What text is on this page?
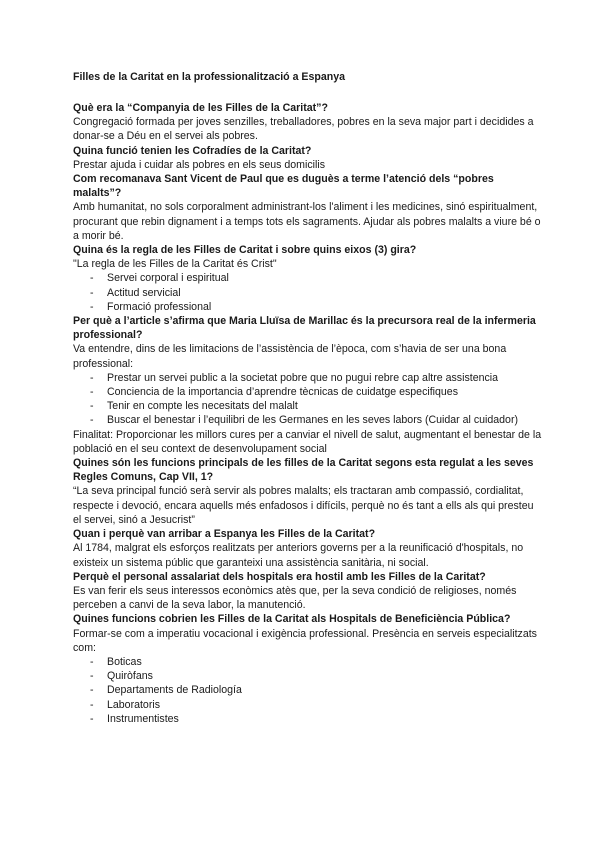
Filles de la Caritat en la professionalització a Espanya

Què era la “Companyia de les Filles de la Caritat”?

Congregació formada per joves senzilles, treballadores, pobres en la seva major part i decidides a donar-se a Déu en el servei als pobres.

Quina funció tenien les Cofradíes de la Caritat?

Prestar ajuda i cuidar als pobres en els seus domicilis

Com recomanava Sant Vicent de Paul que es duguès a terme l’atenció dels “pobres malalts”?

Amb humanitat, no sols corporalment administrant-los l'aliment i les medicines, sinó espiritualment, procurant que rebin dignament i a temps tots els sagraments. Ajudar als pobres malalts a viure bé o a morir bé.

Quina és la regla de les Filles de Caritat i sobre quins eixos (3) gira?

"La regla de les Filles de la Caritat és Crist"

- Servei corporal i espiritual
- Actitud servicial
- Formació professional

Per què a l’article s’afirma que Maria Lluïsa de Marillac és la precursora real de la infermeria professional?

Va entendre, dins de les limitacions de l’assistència de l’època, com s’havia de ser una bona professional:

- Prestar un servei public a la societat pobre que no pugui rebre cap altre assistencia
- Conciencia de la importancia d’aprendre tècnicas de cuidatge especifiques
- Tenir en compte les necesitats del malalt
- Buscar el benestar i l’equilibri de les Germanes en les seves labors (Cuidar al cuidador)

Finalitat: Proporcionar les millors cures per a canviar el nivell de salut, augmentant el benestar de la població en el seu context de desenvolupament social

Quines són les funcions principals de les filles de la Caritat segons esta regulat a les seves Regles Comuns, Cap VII, 1?

“La seva principal funció serà servir als pobres malalts; els tractaran amb compassió, cordialitat, respecte i devoció, encara aquells més enfadosos i difícils, perquè no és tant a ells als qui presteu el servei, sinó a Jesucrist”

Quan i perquè van arribar a Espanya les Filles de la Caritat?

Al 1784, malgrat els esforços realitzats per anteriors governs per a la reunificació d'hospitals, no existeix un sistema públic que garanteixi una assistència sanitària, ni social.

Perquè el personal assalariat dels hospitals era hostil amb les Filles de la Caritat?

Es van ferir els seus interessos econòmics atès que, per la seva condició de religioses, només perceben a canvi de la seva labor, la manutenció.

Quines funcions cobrien les Filles de la Caritat als Hospitals de Beneficiència Pública?

Formar-se com a imperatiu vocacional i exigència professional. Presència en serveis especialitzats com:

- Boticas
- Quiròfans
- Departaments de Radiología
- Laboratoris
- Instrumentistes
